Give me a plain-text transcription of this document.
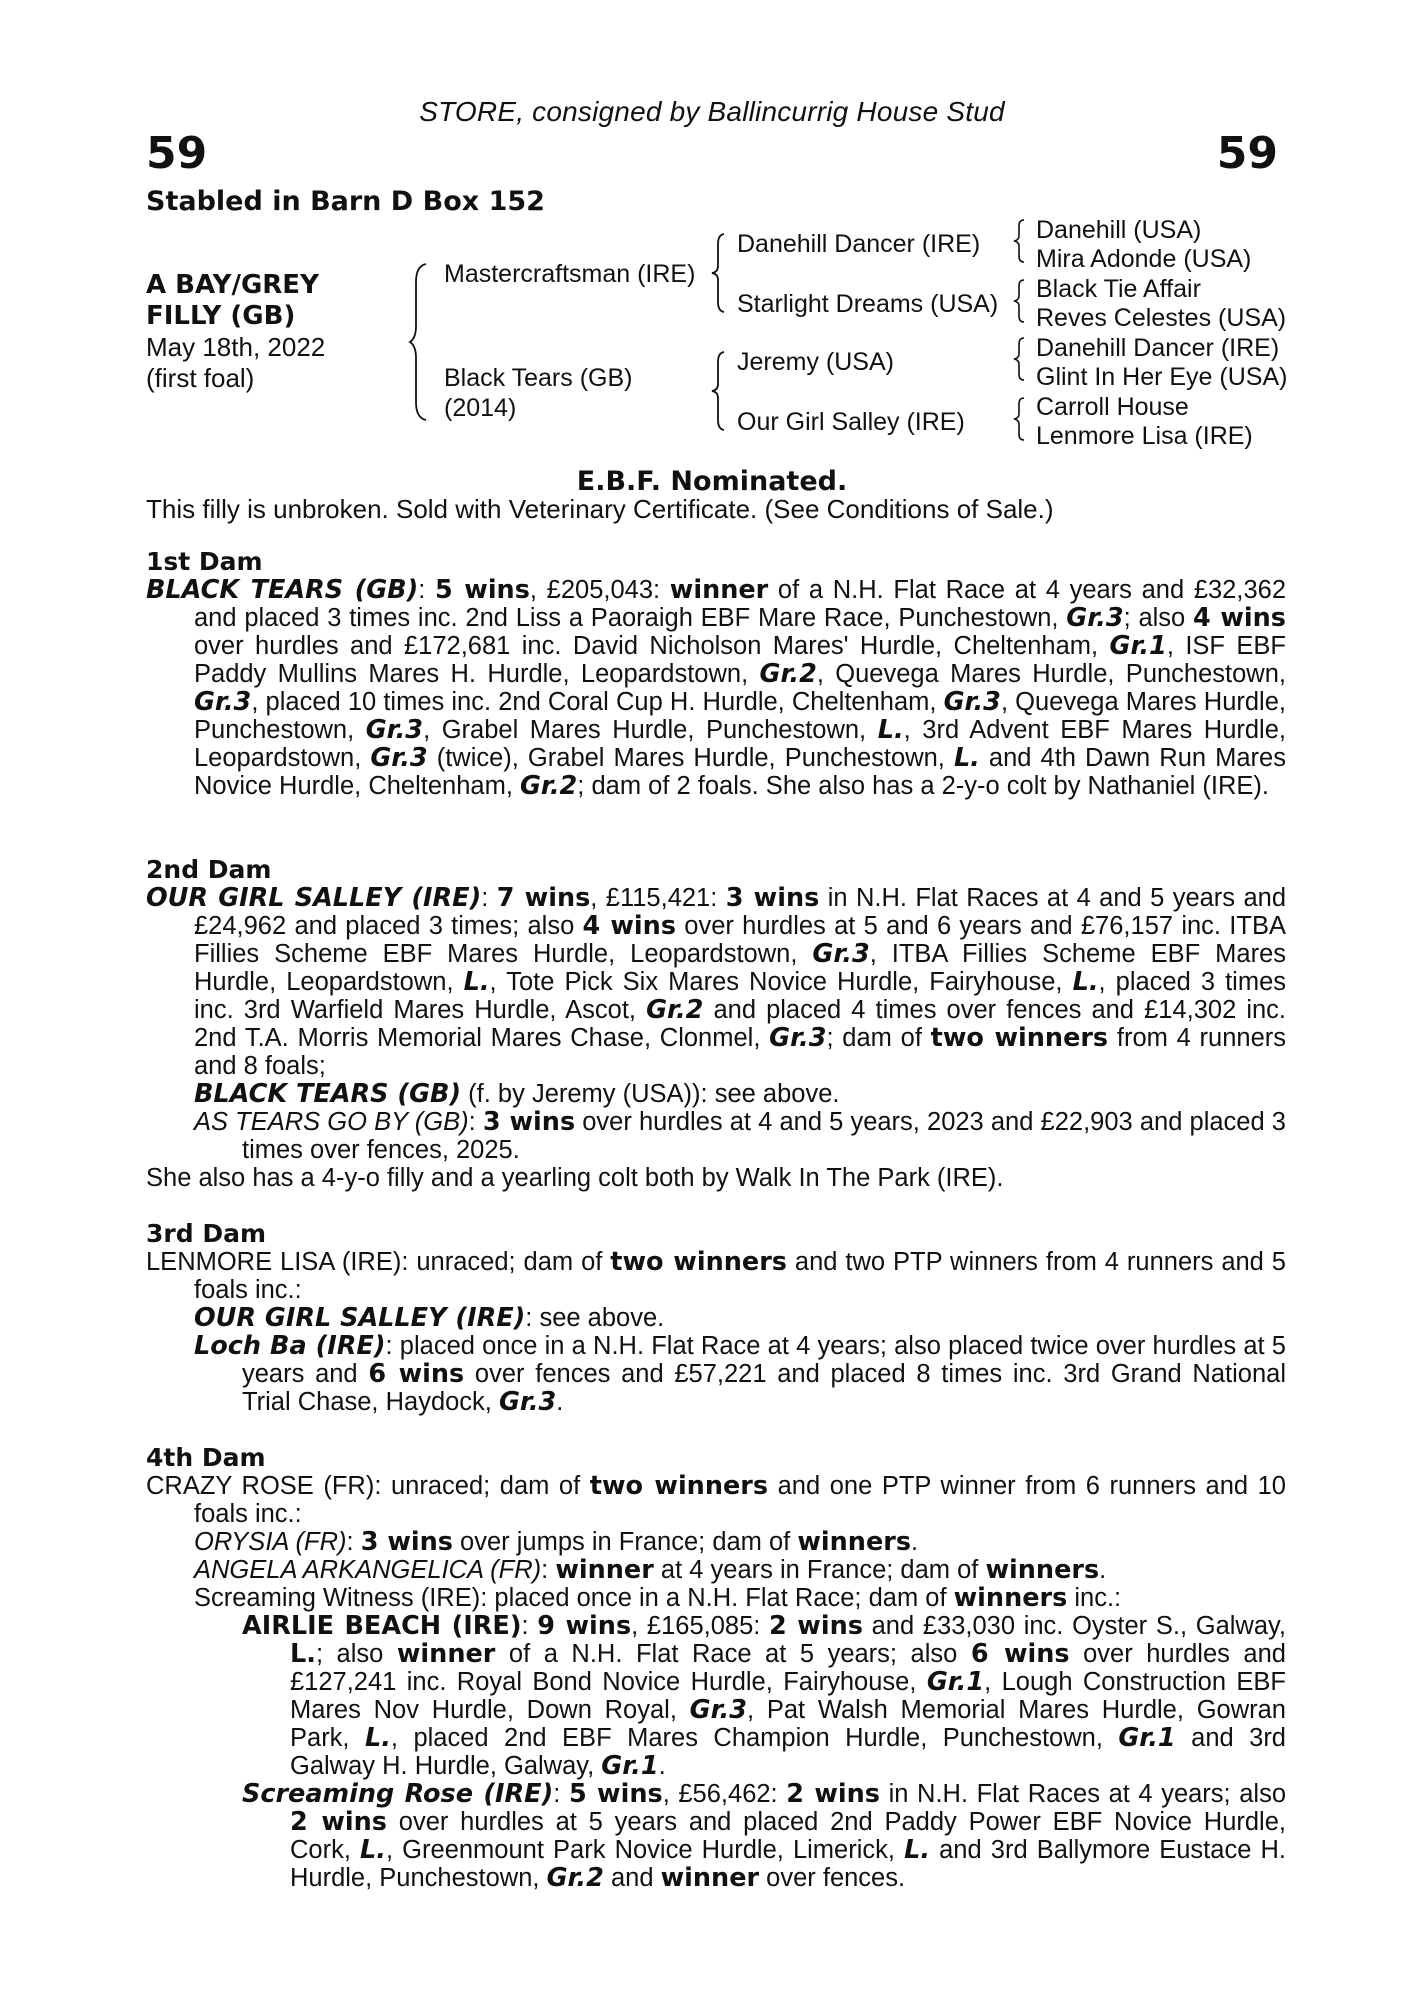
STORE, consigned by Ballincurrig House Stud
59	59
Stabled in Barn D Box 152
A BAY/GREY
FILLY (GB)
May 18th, 2022
(first foal)
Mastercraftsman (IRE)
Black Tears (GB)
(2014)
Danehill Dancer (IRE)
Starlight Dreams (USA)
Jeremy (USA)
Our Girl Salley (IRE)
Danehill (USA)
Mira Adonde (USA)
Black Tie Affair
Reves Celestes (USA)
Danehill Dancer (IRE)
Glint In Her Eye (USA)
Carroll House
Lenmore Lisa (IRE)
E.B.F. Nominated.
This filly is unbroken. Sold with Veterinary Certificate. (See Conditions of Sale.)
1st Dam
BLACK TEARS (GB): 5 wins, £205,043: winner of a N.H. Flat Race at 4 years and £32,362 and placed 3 times inc. 2nd Liss a Paoraigh EBF Mare Race, Punchestown, Gr.3; also 4 wins over hurdles and £172,681 inc. David Nicholson Mares' Hurdle, Cheltenham, Gr.1, ISF EBF Paddy Mullins Mares H. Hurdle, Leopardstown, Gr.2, Quevega Mares Hurdle, Punchestown, Gr.3, placed 10 times inc. 2nd Coral Cup H. Hurdle, Cheltenham, Gr.3, Quevega Mares Hurdle, Punchestown, Gr.3, Grabel Mares Hurdle, Punchestown, L., 3rd Advent EBF Mares Hurdle, Leopardstown, Gr.3 (twice), Grabel Mares Hurdle, Punchestown, L. and 4th Dawn Run Mares Novice Hurdle, Cheltenham, Gr.2; dam of 2 foals. She also has a 2-y-o colt by Nathaniel (IRE).
2nd Dam
OUR GIRL SALLEY (IRE): 7 wins, £115,421: 3 wins in N.H. Flat Races at 4 and 5 years and £24,962 and placed 3 times; also 4 wins over hurdles at 5 and 6 years and £76,157 inc. ITBA Fillies Scheme EBF Mares Hurdle, Leopardstown, Gr.3, ITBA Fillies Scheme EBF Mares Hurdle, Leopardstown, L., Tote Pick Six Mares Novice Hurdle, Fairyhouse, L., placed 3 times inc. 3rd Warfield Mares Hurdle, Ascot, Gr.2 and placed 4 times over fences and £14,302 inc. 2nd T.A. Morris Memorial Mares Chase, Clonmel, Gr.3; dam of two winners from 4 runners and 8 foals;
BLACK TEARS (GB) (f. by Jeremy (USA)): see above.
AS TEARS GO BY (GB): 3 wins over hurdles at 4 and 5 years, 2023 and £22,903 and placed 3 times over fences, 2025.
She also has a 4-y-o filly and a yearling colt both by Walk In The Park (IRE).
3rd Dam
LENMORE LISA (IRE): unraced; dam of two winners and two PTP winners from 4 runners and 5 foals inc.:
OUR GIRL SALLEY (IRE): see above.
Loch Ba (IRE): placed once in a N.H. Flat Race at 4 years; also placed twice over hurdles at 5 years and 6 wins over fences and £57,221 and placed 8 times inc. 3rd Grand National Trial Chase, Haydock, Gr.3.
4th Dam
CRAZY ROSE (FR): unraced; dam of two winners and one PTP winner from 6 runners and 10 foals inc.:
ORYSIA (FR): 3 wins over jumps in France; dam of winners.
ANGELA ARKANGELICA (FR): winner at 4 years in France; dam of winners.
Screaming Witness (IRE): placed once in a N.H. Flat Race; dam of winners inc.:
AIRLIE BEACH (IRE): 9 wins, £165,085: 2 wins and £33,030 inc. Oyster S., Galway, L.; also winner of a N.H. Flat Race at 5 years; also 6 wins over hurdles and £127,241 inc. Royal Bond Novice Hurdle, Fairyhouse, Gr.1, Lough Construction EBF Mares Nov Hurdle, Down Royal, Gr.3, Pat Walsh Memorial Mares Hurdle, Gowran Park, L., placed 2nd EBF Mares Champion Hurdle, Punchestown, Gr.1 and 3rd Galway H. Hurdle, Galway, Gr.1.
Screaming Rose (IRE): 5 wins, £56,462: 2 wins in N.H. Flat Races at 4 years; also 2 wins over hurdles at 5 years and placed 2nd Paddy Power EBF Novice Hurdle, Cork, L., Greenmount Park Novice Hurdle, Limerick, L. and 3rd Ballymore Eustace H. Hurdle, Punchestown, Gr.2 and winner over fences.
